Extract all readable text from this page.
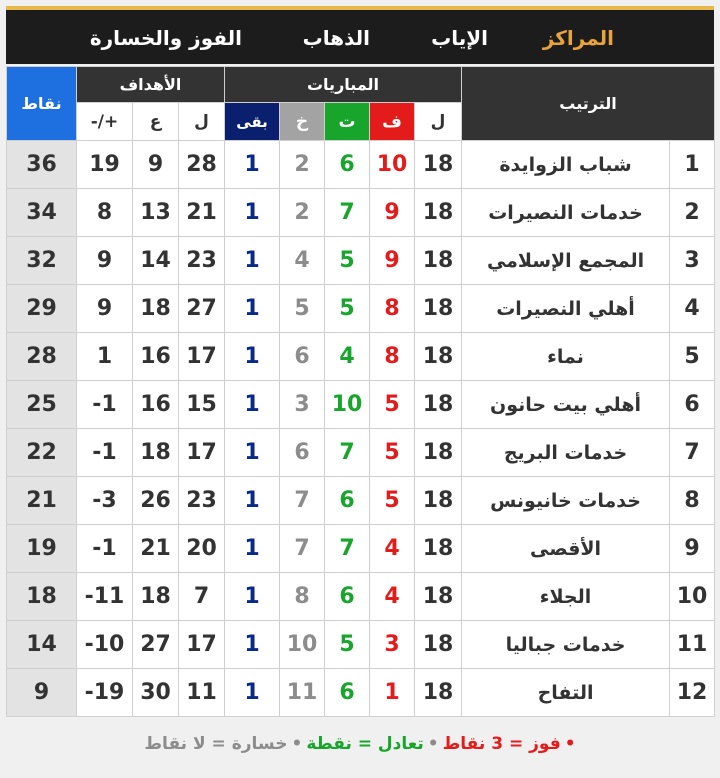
المراكز
الإياب
الذهاب
الفوز والخسارة
الترتيب		المباريات					الأهداف			نقاط
		ل	ف	ت	خ	بقى	ل	ع	+/-	
1	شباب الزوايدة	18	10	6	2	1	28	9	19	36
2	خدمات النصيرات	18	9	7	2	1	21	13	8	34
3	المجمع الإسلامي	18	9	5	4	1	23	14	9	32
4	أهلي النصيرات	18	8	5	5	1	27	18	9	29
5	نماء	18	8	4	6	1	17	16	1	28
6	أهلي بيت حانون	18	5	10	3	1	15	16	1-	25
7	خدمات البريج	18	5	7	6	1	17	18	1-	22
8	خدمات خانيونس	18	5	6	7	1	23	26	3-	21
9	الأقصى	18	4	7	7	1	20	21	1-	19
10	الجلاء	18	4	6	8	1	7	18	11-	18
11	خدمات جباليا	18	3	5	10	1	17	27	10-	14
12	التفاح	18	1	6	11	1	11	30	19-	9
•
فوز = 3 نقاط
•
تعادل = نقطة
•
خسارة = لا نقاط
